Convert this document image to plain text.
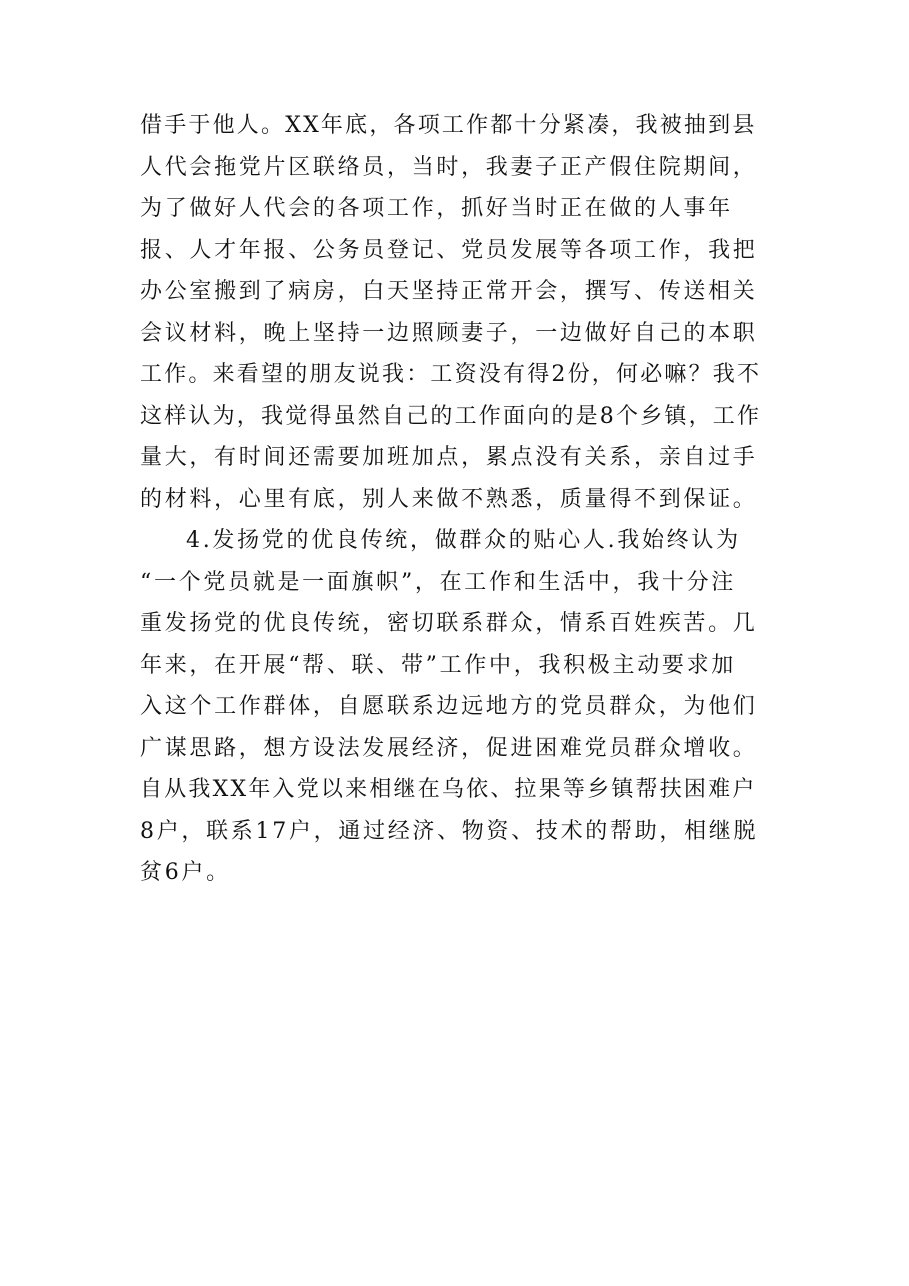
借手于他人。XX年底，各项工作都十分紧凑，我被抽到县
人代会拖党片区联络员，当时，我妻子正产假住院期间，
为了做好人代会的各项工作，抓好当时正在做的人事年
报、人才年报、公务员登记、党员发展等各项工作，我把
办公室搬到了病房，白天坚持正常开会，撰写、传送相关
会议材料，晚上坚持一边照顾妻子，一边做好自己的本职
工作。来看望的朋友说我：工资没有得2份，何必嘛？我不
这样认为，我觉得虽然自己的工作面向的是8个乡镇，工作
量大，有时间还需要加班加点，累点没有关系，亲自过手
的材料，心里有底，别人来做不熟悉，质量得不到保证。
4.发扬党的优良传统，做群众的贴心人.我始终认为
“一个党员就是一面旗帜”，在工作和生活中，我十分注
重发扬党的优良传统，密切联系群众，情系百姓疾苦。几
年来，在开展“帮、联、带”工作中，我积极主动要求加
入这个工作群体，自愿联系边远地方的党员群众，为他们
广谋思路，想方设法发展经济，促进困难党员群众增收。
自从我XX年入党以来相继在乌依、拉果等乡镇帮扶困难户
8户，联系17户，通过经济、物资、技术的帮助，相继脱
贫6户。
